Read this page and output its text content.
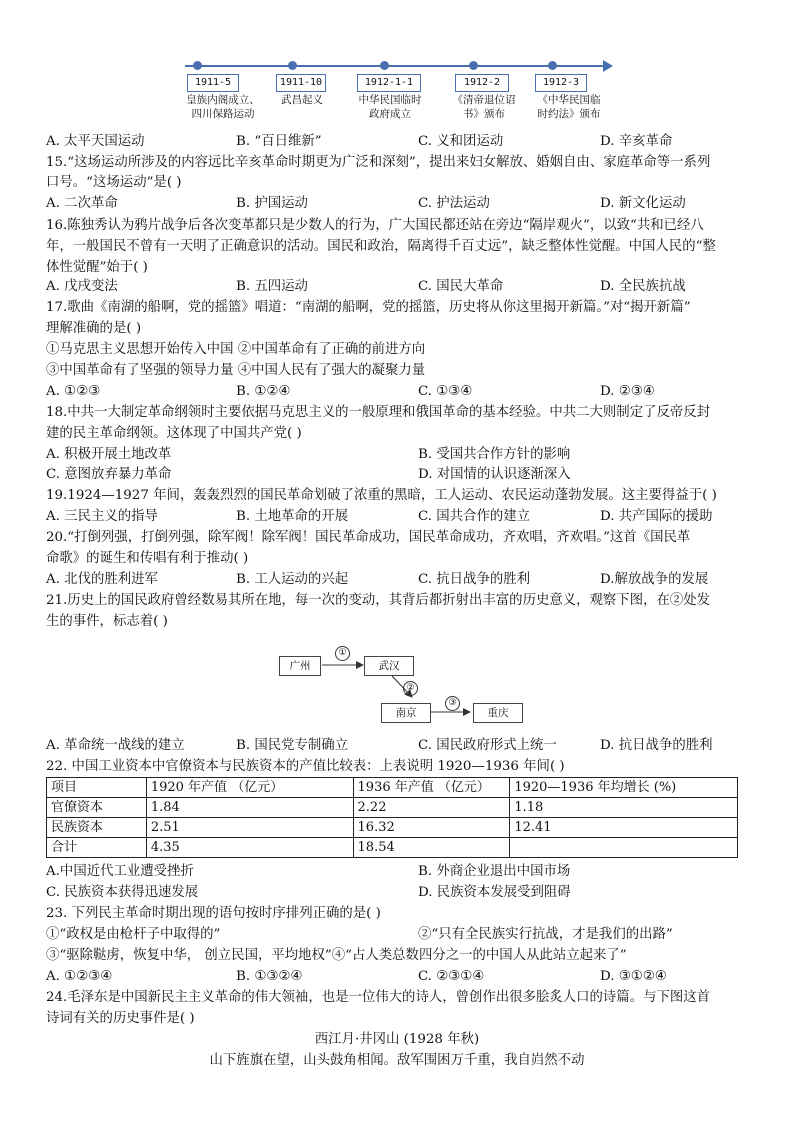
1911-5	1911-10	1912-1-1	1912-2	1912-3
皇族内阁成立、
四川保路运动
武昌起义	中华民国临时
政府成立
《清帝退位诏
书》颁布
《中华民国临
时约法》颁布
A. 太平天国运动	B. “百日维新”	C. 义和团运动	D. 辛亥革命
15.“这场运动所涉及的内容远比辛亥革命时期更为广泛和深刻”，提出来妇女解放、婚姻自由、家庭革命等一系列
口号。“这场运动”是( )
A. 二次革命	B. 护国运动	C. 护法运动	D. 新文化运动
16.陈独秀认为鸦片战争后各次变革都只是少数人的行为，广大国民都还站在旁边“隔岸观火”，以致“共和已经八
年，一般国民不曾有一天明了正确意识的活动。国民和政治，隔离得千百丈远”，缺乏整体性觉醒。中国人民的“整
体性觉醒”始于( )
A. 戊戌变法	B. 五四运动	C. 国民大革命	D. 全民族抗战
17.歌曲《南湖的船啊，党的摇篮》唱道：“南湖的船啊，党的摇篮，历史将从你这里揭开新篇。”对“揭开新篇”
理解准确的是( )
①马克思主义思想开始传入中国 ②中国革命有了正确的前进方向
③中国革命有了坚强的领导力量 ④中国人民有了强大的凝聚力量
A. ①②③	B. ①②④	C. ①③④	D. ②③④
18.中共一大制定革命纲领时主要依据马克思主义的一般原理和俄国革命的基本经验。中共二大则制定了反帝反封
建的民主革命纲领。这体现了中国共产党( )
A. 积极开展土地改革	B. 受国共合作方针的影响
C. 意图放弃暴力革命	D. 对国情的认识逐渐深入
19.1924—1927 年间，轰轰烈烈的国民革命划破了浓重的黑暗，工人运动、农民运动蓬勃发展。这主要得益于( )
A. 三民主义的指导	B. 土地革命的开展	C. 国共合作的建立	D. 共产国际的援助
20.“打倒列强，打倒列强，除军阀！除军阀！国民革命成功，国民革命成功，齐欢唱，齐欢唱。”这首《国民革
命歌》的诞生和传唱有利于推动( )
A. 北伐的胜利进军	B. 工人运动的兴起	C. 抗日战争的胜利	D.解放战争的发展
21.历史上的国民政府曾经数易其所在地，每一次的变动，其背后都折射出丰富的历史意义，观察下图，在②处发
生的事件，标志着( )
广州	武汉
南京	重庆
①
②
③
A. 革命统一战线的建立	B. 国民党专制确立	C. 国民政府形式上统一	D. 抗日战争的胜利
22. 中国工业资本中官僚资本与民族资本的产值比较表：上表说明 1920—1936 年间( )
项目	1920 年产值 （亿元）	1936 年产值 （亿元）	1920—1936 年均增长 (%)
官僚资本	1.84	2.22	1.18
民族资本	2.51	16.32	12.41
合计	4.35	18.54	
A.中国近代工业遭受挫折	B. 外商企业退出中国市场
C. 民族资本获得迅速发展	D. 民族资本发展受到阻碍
23. 下列民主革命时期出现的语句按时序排列正确的是( )
①“政权是由枪杆子中取得的”	②“只有全民族实行抗战，才是我们的出路”
③“驱除鞑虏，恢复中华， 创立民国，平均地权”④“占人类总数四分之一的中国人从此站立起来了”
A. ①②③④	B. ①③②④	C. ②③①④	D. ③①②④
24.毛泽东是中国新民主主义革命的伟大领袖，也是一位伟大的诗人，曾创作出很多脍炙人口的诗篇。与下图这首
诗词有关的历史事件是( )
西江月·井冈山 (1928 年秋)
山下旌旗在望，山头鼓角相闻。敌军围困万千重，我自岿然不动
